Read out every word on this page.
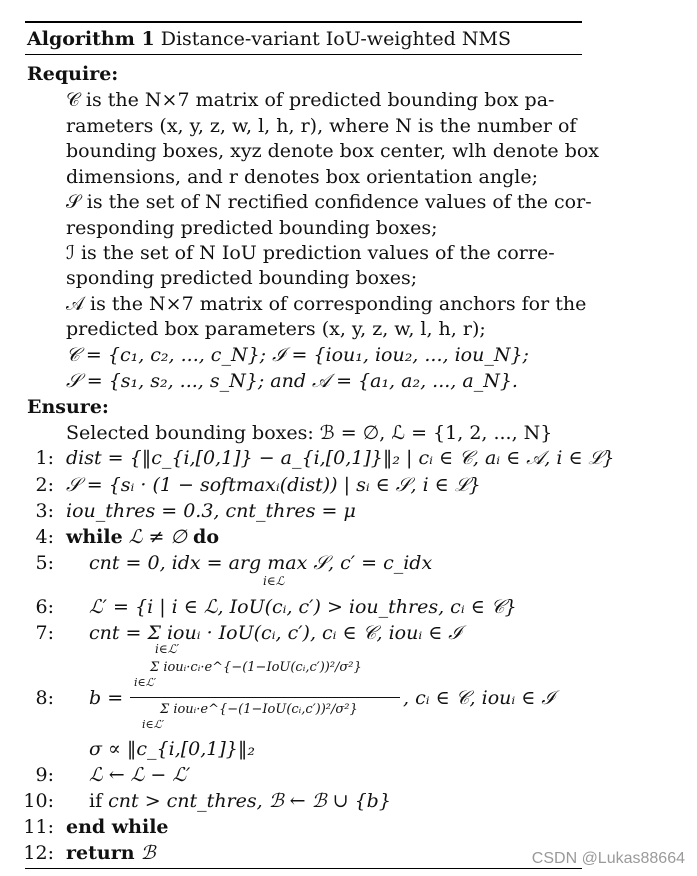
Algorithm 1 Distance-variant IoU-weighted NMS
Require:
𝒞 is the N×7 matrix of predicted bounding box pa-
rameters (x, y, z, w, l, h, r), where N is the number of
bounding boxes, xyz denote box center, wlh denote box
dimensions, and r denotes box orientation angle;
𝒮 is the set of N rectified confidence values of the cor-
responding predicted bounding boxes;
ℐ is the set of N IoU prediction values of the corre-
sponding predicted bounding boxes;
𝒜 is the N×7 matrix of corresponding anchors for the
predicted box parameters (x, y, z, w, l, h, r);
𝒞 = {c₁, c₂, ..., c_N}; ℐ = {iou₁, iou₂, ..., iou_N};
𝒮 = {s₁, s₂, ..., s_N}; and 𝒜 = {a₁, a₂, ..., a_N}.
Ensure:
Selected bounding boxes: ℬ = ∅, ℒ = {1, 2, ..., N}
1: dist = {‖c_{i,[0,1]} − a_{i,[0,1]}‖₂ | cᵢ ∈ 𝒞, aᵢ ∈ 𝒜, i ∈ ℒ}
2: 𝒮 = {sᵢ · (1 − softmaxᵢ(dist)) | sᵢ ∈ 𝒮, i ∈ ℒ}
3: iou_thres = 0.3, cnt_thres = μ
4: while ℒ ≠ ∅ do
5: cnt = 0, idx = arg max 𝒮, c′ = c_idx
i∈ℒ
6: ℒ′ = {i | i ∈ ℒ, IoU(cᵢ, c′) > iou_thres, cᵢ ∈ 𝒞}
7: cnt = Σ iouᵢ · IoU(cᵢ, c′), cᵢ ∈ 𝒞, iouᵢ ∈ ℐ
i∈ℒ′
8: b =	, cᵢ ∈ 𝒞, iouᵢ ∈ ℐ
Σ iouᵢ·cᵢ·e^{−(1−IoU(cᵢ,c′))²/σ²}
i∈ℒ′
Σ iouᵢ·e^{−(1−IoU(cᵢ,c′))²/σ²}
i∈ℒ′
σ ∝ ‖c_{i,[0,1]}‖₂
9: ℒ ← ℒ − ℒ′
10: if cnt > cnt_thres, ℬ ← ℬ ∪ {b}
11: end while
12: return ℬ	CSDN @Lukas88664
